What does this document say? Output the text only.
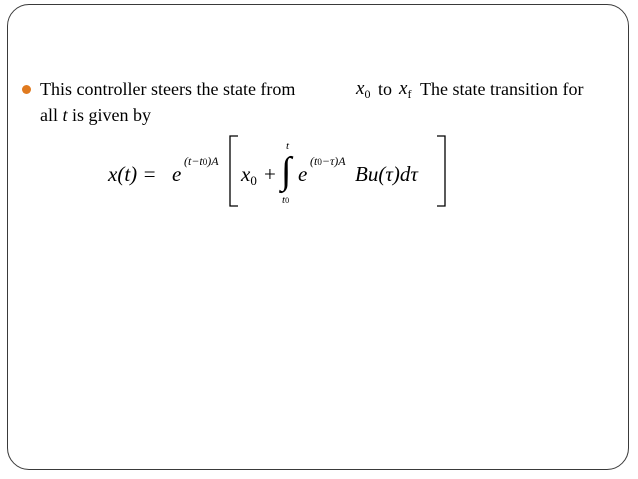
This controller steers the state from	$x_0$ to $x_f$ The state transition for
all t is given by
x(t) = e
(t−t0)A
x0 + ∫
t
t0
e
(t0−τ)A
Bu(τ)dτ
